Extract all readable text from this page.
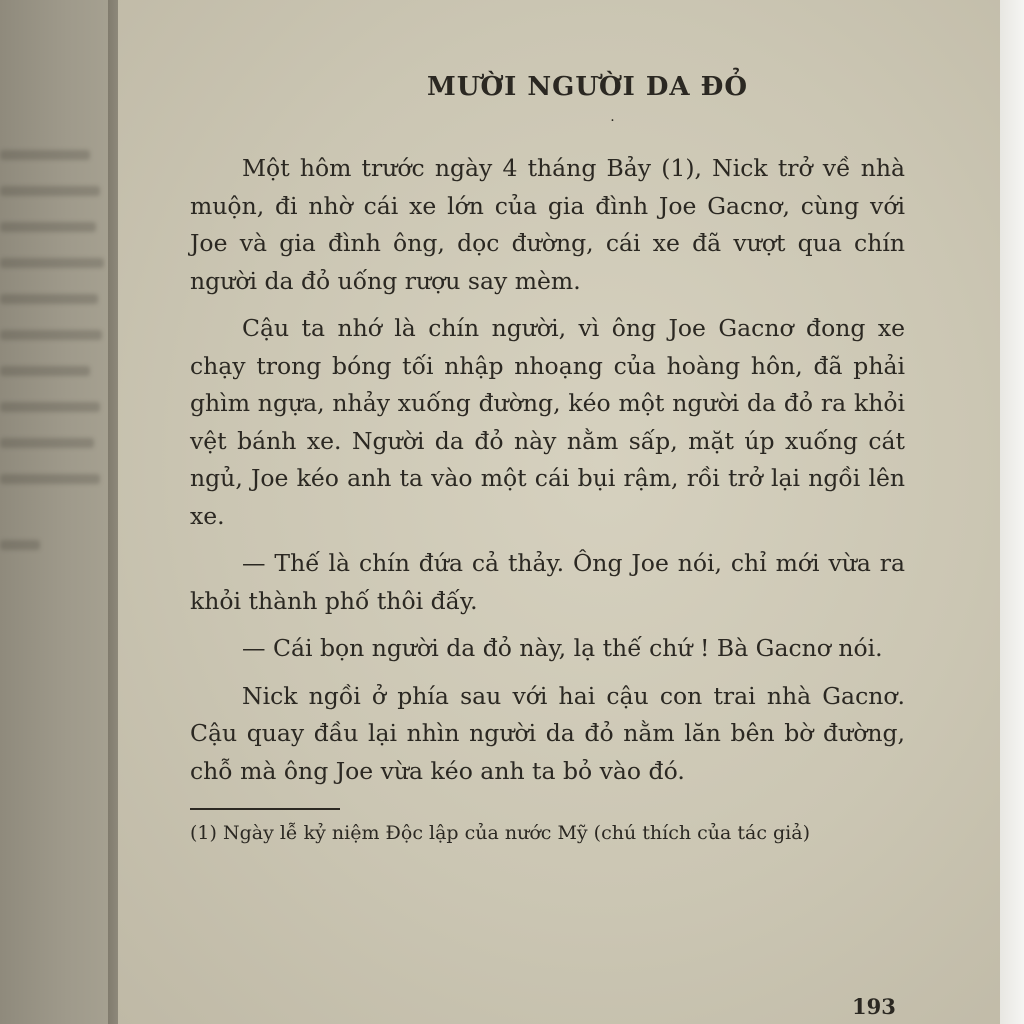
MƯỜI NGƯỜI DA ĐỎ
·

Một hôm trước ngày 4 tháng Bảy (1), Nick trở về nhà muộn, đi nhờ cái xe lớn của gia đình Joe Gacnơ, cùng với Joe và gia đình ông, dọc đường, cái xe đã vượt qua chín người da đỏ uống rượu say mèm.

Cậu ta nhớ là chín người, vì ông Joe Gacnơ đong xe chạy trong bóng tối nhập nhoạng của hoàng hôn, đã phải ghìm ngựa, nhảy xuống đường, kéo một người da đỏ ra khỏi vệt bánh xe. Người da đỏ này nằm sấp, mặt úp xuống cát ngủ, Joe kéo anh ta vào một cái bụi rậm, rồi trở lại ngồi lên xe.

— Thế là chín đứa cả thảy. Ông Joe nói, chỉ mới vừa ra khỏi thành phố thôi đấy.

— Cái bọn người da đỏ này, lạ thế chứ ! Bà Gacnơ nói.

Nick ngồi ở phía sau với hai cậu con trai nhà Gacnơ. Cậu quay đầu lại nhìn người da đỏ nằm lăn bên bờ đường, chỗ mà ông Joe vừa kéo anh ta bỏ vào đó.

(1) Ngày lễ kỷ niệm Độc lập của nước Mỹ (chú thích của tác giả)
193
